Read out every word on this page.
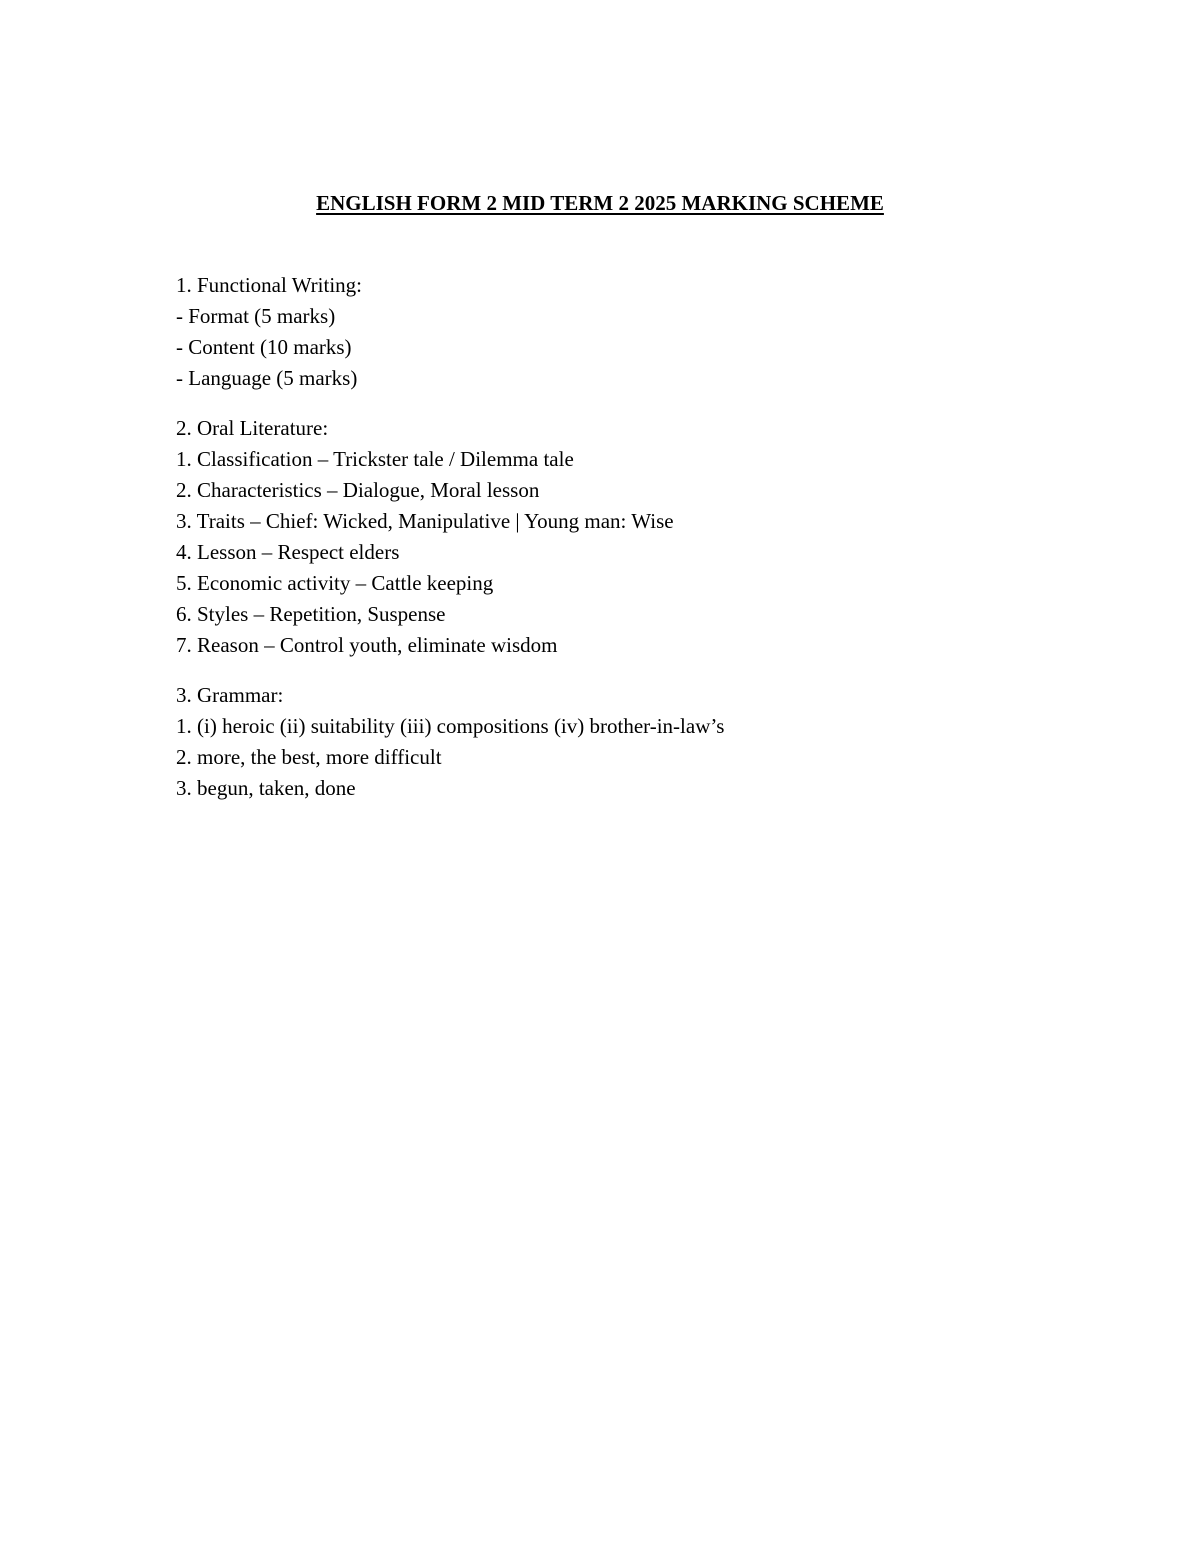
ENGLISH FORM 2 MID TERM 2 2025 MARKING SCHEME
1. Functional Writing:
- Format (5 marks)
- Content (10 marks)
- Language (5 marks)
2. Oral Literature:
1. Classification – Trickster tale / Dilemma tale
2. Characteristics – Dialogue, Moral lesson
3. Traits – Chief: Wicked, Manipulative | Young man: Wise
4. Lesson – Respect elders
5. Economic activity – Cattle keeping
6. Styles – Repetition, Suspense
7. Reason – Control youth, eliminate wisdom
3. Grammar:
1. (i) heroic (ii) suitability (iii) compositions (iv) brother-in-law’s
2. more, the best, more difficult
3. begun, taken, done
